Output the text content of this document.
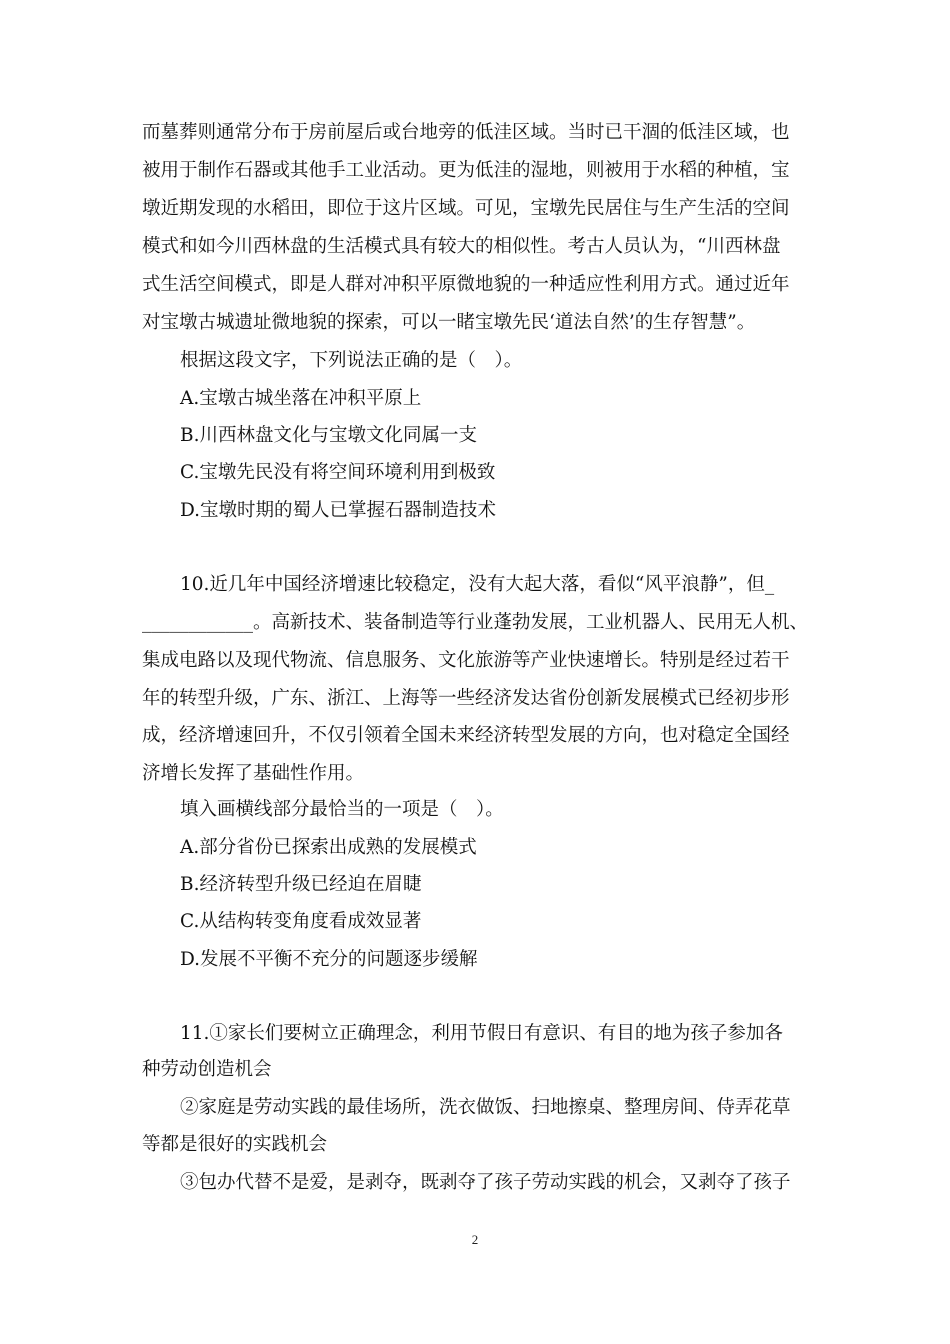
而墓葬则通常分布于房前屋后或台地旁的低洼区域。当时已干涸的低洼区域，也
被用于制作石器或其他手工业活动。更为低洼的湿地，则被用于水稻的种植，宝
墩近期发现的水稻田，即位于这片区域。可见，宝墩先民居住与生产生活的空间
模式和如今川西林盘的生活模式具有较大的相似性。考古人员认为，“川西林盘
式生活空间模式，即是人群对冲积平原微地貌的一种适应性利用方式。通过近年
对宝墩古城遗址微地貌的探索，可以一睹宝墩先民‘道法自然’的生存智慧”。
根据这段文字，下列说法正确的是（　）。
A.宝墩古城坐落在冲积平原上
B.川西林盘文化与宝墩文化同属一支
C.宝墩先民没有将空间环境利用到极致
D.宝墩时期的蜀人已掌握石器制造技术
10.近几年中国经济增速比较稳定，没有大起大落，看似“风平浪静”，但_
____________。高新技术、装备制造等行业蓬勃发展，工业机器人、民用无人机、
集成电路以及现代物流、信息服务、文化旅游等产业快速增长。特别是经过若干
年的转型升级，广东、浙江、上海等一些经济发达省份创新发展模式已经初步形
成，经济增速回升，不仅引领着全国未来经济转型发展的方向，也对稳定全国经
济增长发挥了基础性作用。
填入画横线部分最恰当的一项是（　）。
A.部分省份已探索出成熟的发展模式
B.经济转型升级已经迫在眉睫
C.从结构转变角度看成效显著
D.发展不平衡不充分的问题逐步缓解
11.①家长们要树立正确理念，利用节假日有意识、有目的地为孩子参加各
种劳动创造机会
②家庭是劳动实践的最佳场所，洗衣做饭、扫地擦桌、整理房间、侍弄花草
等都是很好的实践机会
③包办代替不是爱，是剥夺，既剥夺了孩子劳动实践的机会，又剥夺了孩子
2
